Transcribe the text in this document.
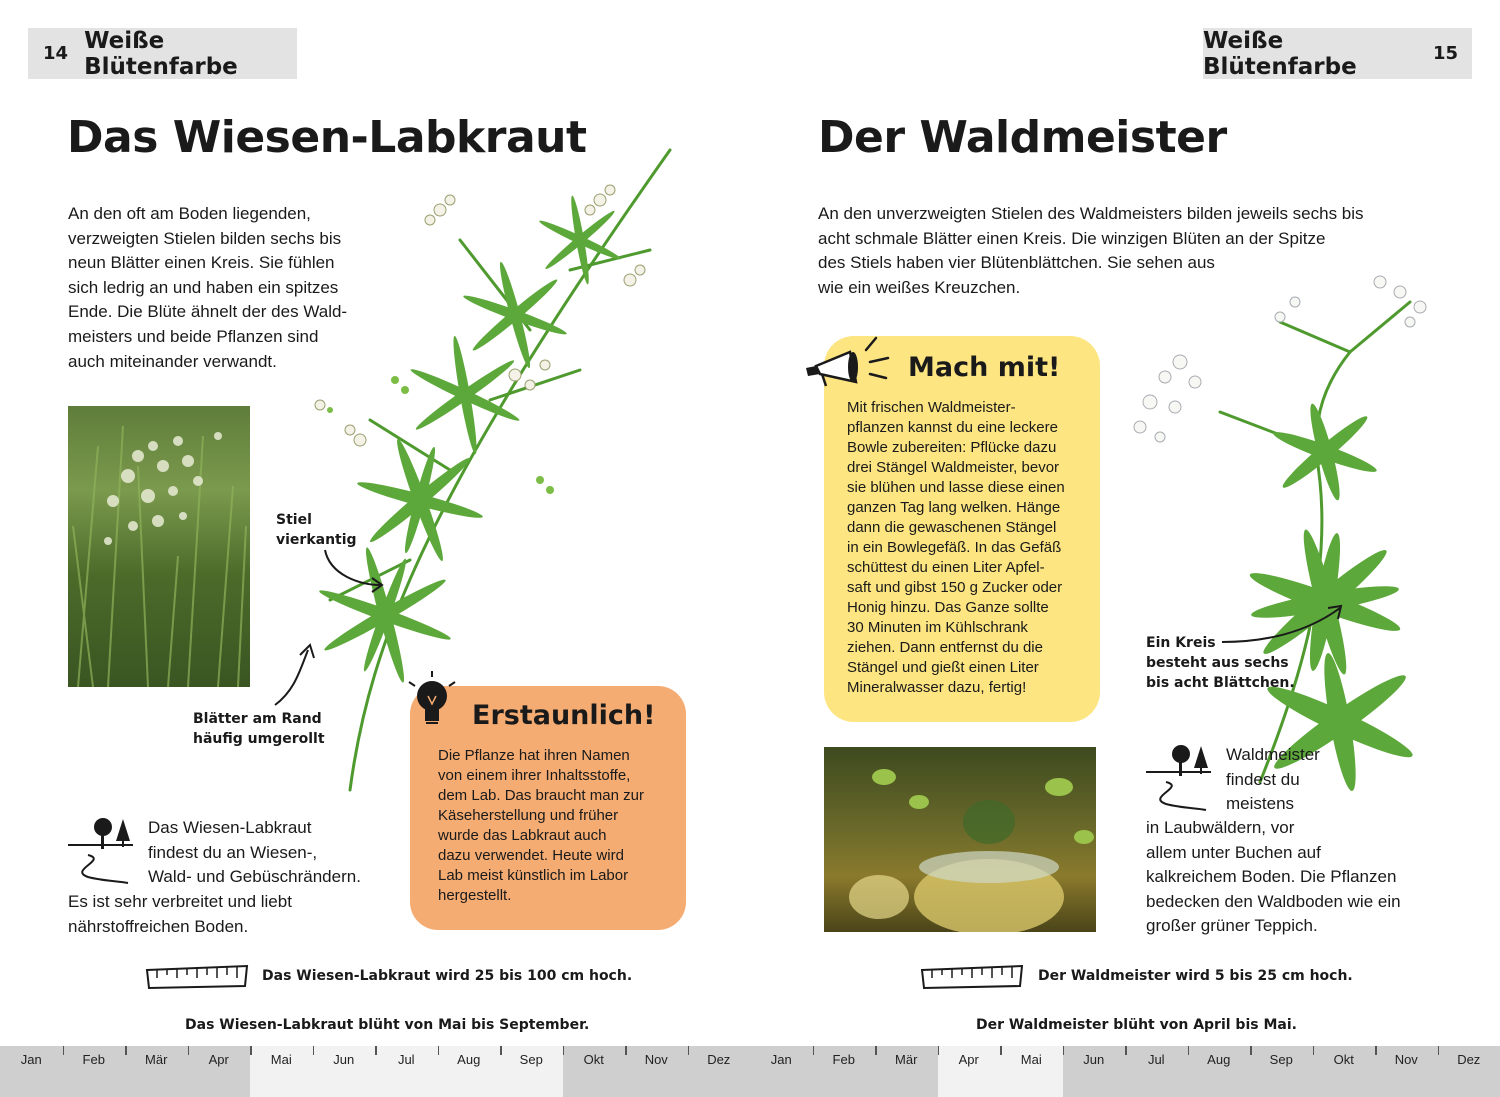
14 Weiße Blütenfarbe
Weiße Blütenfarbe	15
Das Wiesen-Labkraut

An den oft am Boden liegenden,
verzweigten Stielen bilden sechs bis
neun Blätter einen Kreis. Sie fühlen
sich ledrig an und haben ein spitzes
Ende. Die Blüte ähnelt der des Wald-
meisters und beide Pflanzen sind
auch miteinander verwandt.

Stiel
vierkantig
Blätter am Rand
häufig umgerollt
Erstaunlich!
Die Pflanze hat ihren Namen
von einem ihrer Inhaltsstoffe,
dem Lab. Das braucht man zur
Käseherstellung und früher
wurde das Labkraut auch
dazu verwendet. Heute wird
Lab meist künstlich im Labor
hergestellt.

Das Wiesen-Labkraut
findest du an Wiesen-,
Wald- und Gebüschrändern.

Es ist sehr verbreitet und liebt
nährstoffreichen Boden.

Das Wiesen-Labkraut wird 25 bis 100 cm hoch.
Das Wiesen-Labkraut blüht von Mai bis September.
Der Waldmeister

An den unverzweigten Stielen des Waldmeisters bilden jeweils sechs bis
acht schmale Blätter einen Kreis. Die winzigen Blüten an der Spitze
des Stiels haben vier Blütenblättchen. Sie sehen aus
wie ein weißes Kreuzchen.

Mach mit!
Mit frischen Waldmeister-
pflanzen kannst du eine leckere
Bowle zubereiten: Pflücke dazu
drei Stängel Waldmeister, bevor
sie blühen und lasse diese einen
ganzen Tag lang welken. Hänge
dann die gewaschenen Stängel
in ein Bowlegefäß. In das Gefäß
schüttest du einen Liter Apfel-
saft und gibst 150 g Zucker oder
Honig hinzu. Das Ganze sollte
30 Minuten im Kühlschrank
ziehen. Dann entfernst du die
Stängel und gießt einen Liter
Mineralwasser dazu, fertig!
Ein Kreis
besteht aus sechs
bis acht Blättchen.

Waldmeister
findest du
meistens

in Laubwäldern, vor
allem unter Buchen auf
kalkreichem Boden. Die Pflanzen
bedecken den Waldboden wie ein
großer grüner Teppich.

Der Waldmeister wird 5 bis 25 cm hoch.
Der Waldmeister blüht von April bis Mai.
Jan	Feb	Mär	Apr	Mai	Jun	Jul	Aug	Sep	Okt	Nov	Dez	Jan	Feb	Mär	Apr	Mai	Jun	Jul	Aug	Sep	Okt	Nov	Dez
